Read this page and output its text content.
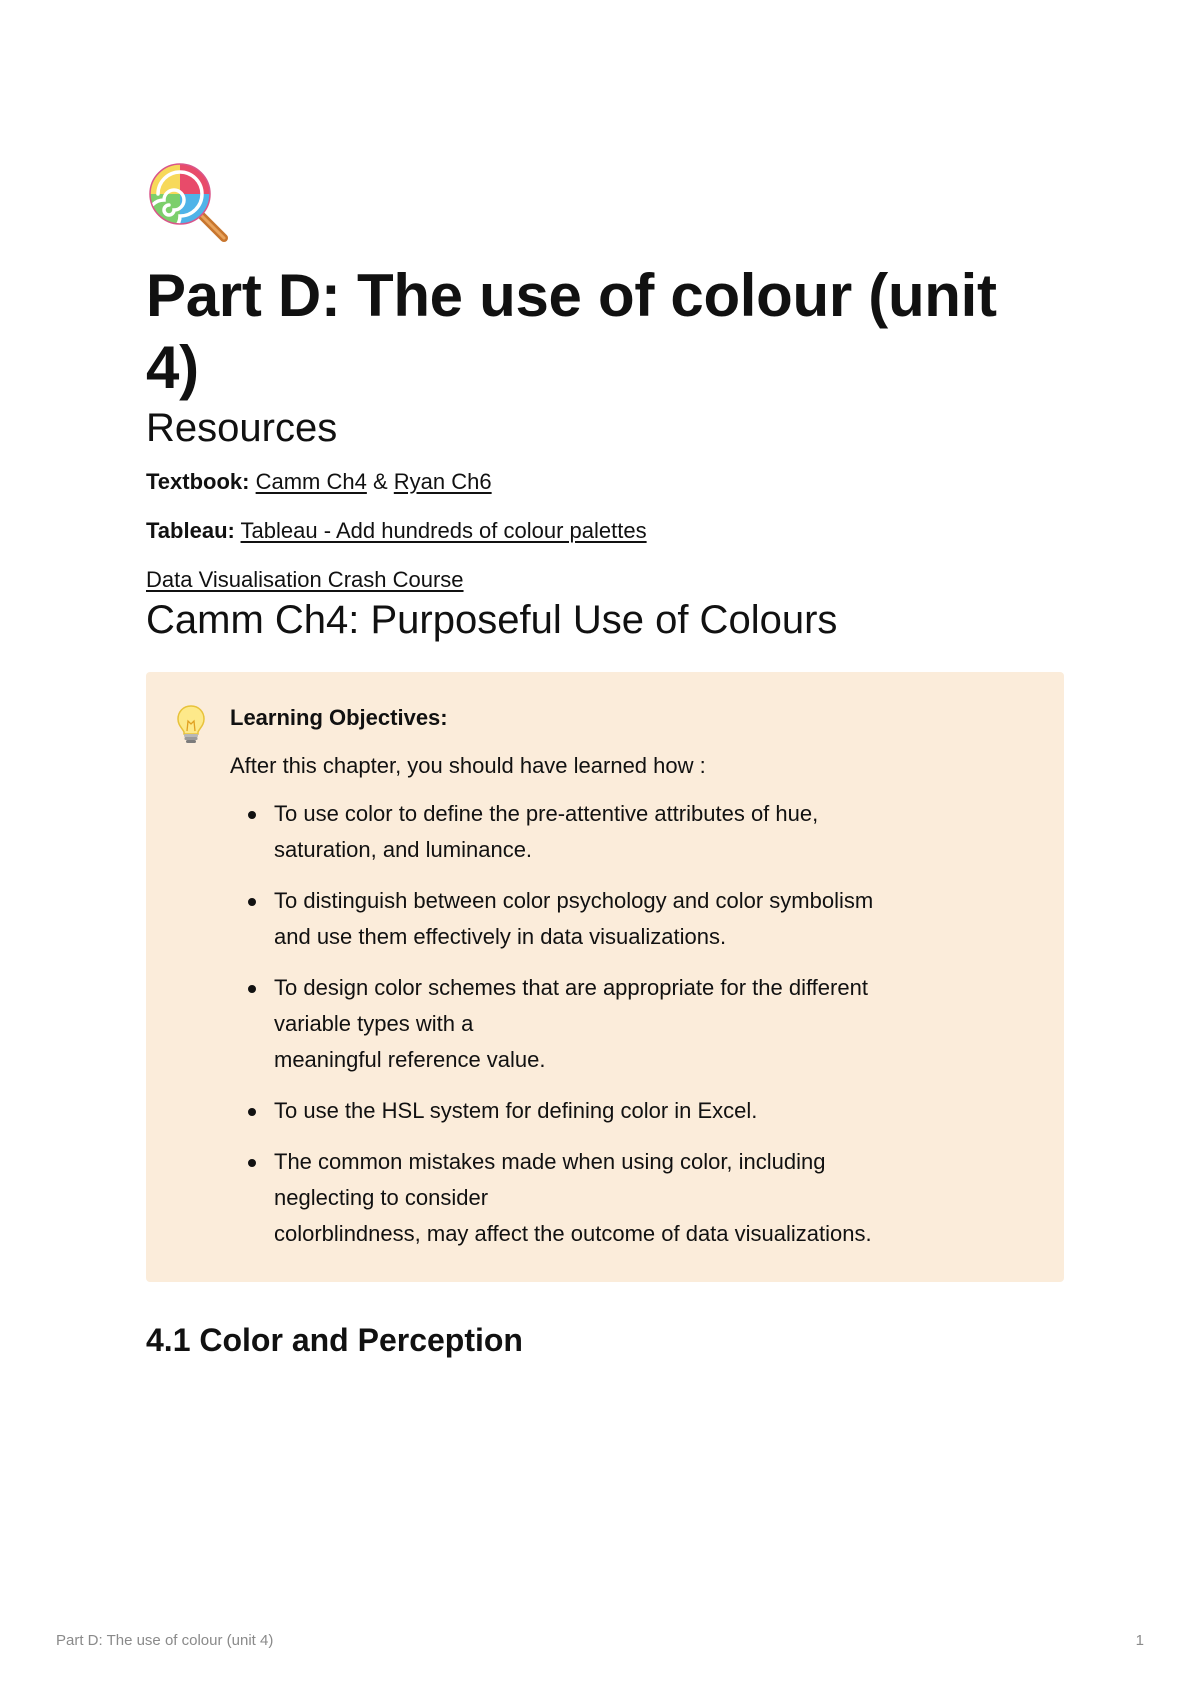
Part D: The use of colour (unit 4)
Resources

Textbook: Camm Ch4 & Ryan Ch6

Tableau: Tableau - Add hundreds of colour palettes

Data Visualisation Crash Course

Camm Ch4: Purposeful Use of Colours

Learning Objectives:

After this chapter, you should have learned how :

To use color to define the pre-attentive attributes of hue,
saturation, and luminance.
To distinguish between color psychology and color symbolism
and use them effectively in data visualizations.
To design color schemes that are appropriate for the different
variable types with a
meaningful reference value.
To use the HSL system for defining color in Excel.
The common mistakes made when using color, including
neglecting to consider
colorblindness, may affect the outcome of data visualizations.
4.1 Color and Perception
Part D: The use of colour (unit 4)	1
